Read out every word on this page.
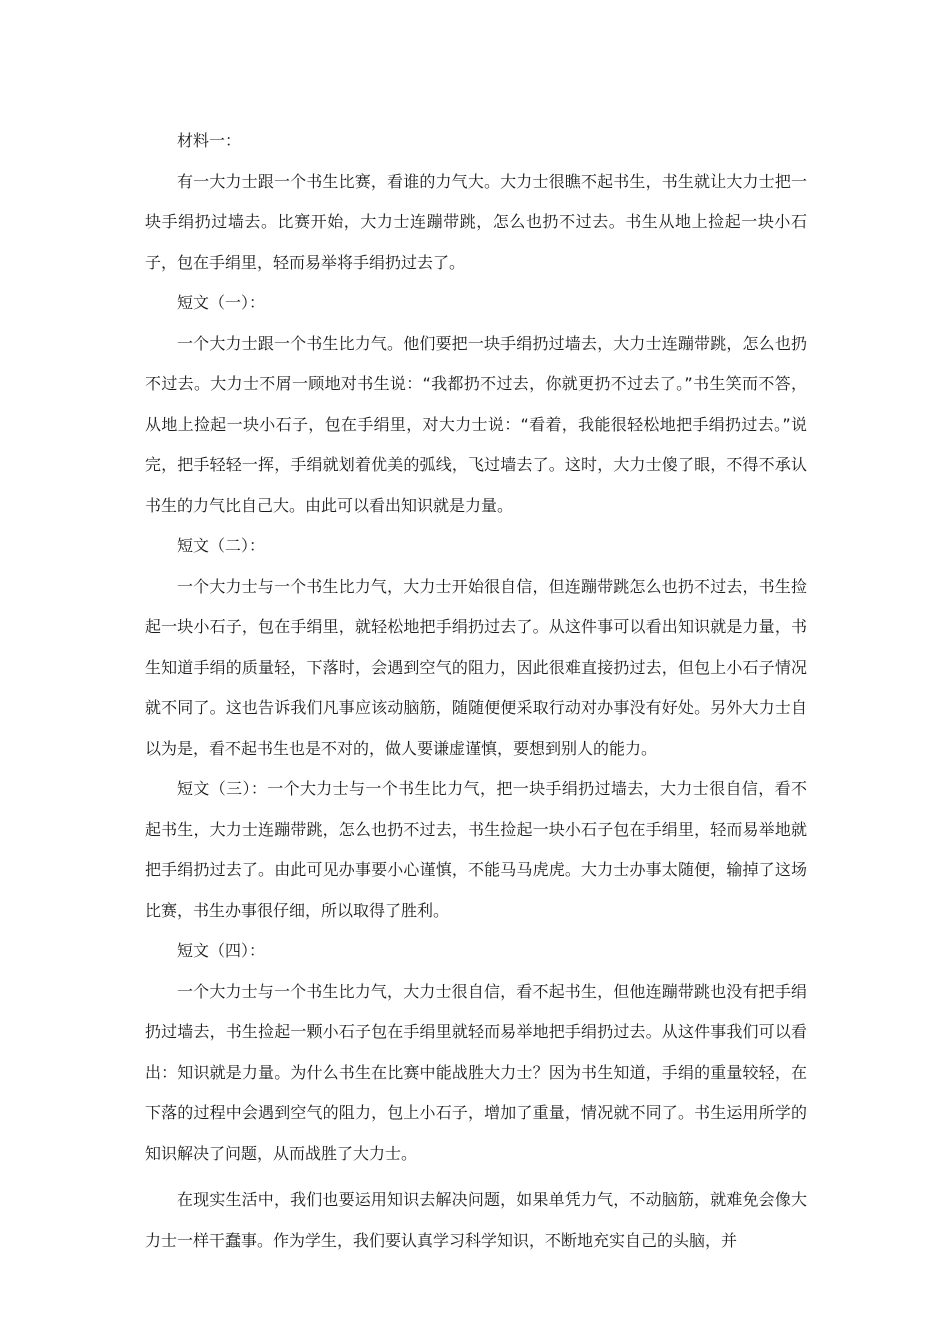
材料一：

有一大力士跟一个书生比赛，看谁的力气大。大力士很瞧不起书生，书生就让大力士把一块手绢扔过墙去。比赛开始，大力士连蹦带跳，怎么也扔不过去。书生从地上捡起一块小石子，包在手绢里，轻而易举将手绢扔过去了。

短文（一）：

一个大力士跟一个书生比力气。他们要把一块手绢扔过墙去，大力士连蹦带跳，怎么也扔不过去。大力士不屑一顾地对书生说：“我都扔不过去，你就更扔不过去了。”书生笑而不答，从地上捡起一块小石子，包在手绢里，对大力士说：“看着，我能很轻松地把手绢扔过去。”说完，把手轻轻一挥，手绢就划着优美的弧线，飞过墙去了。这时，大力士傻了眼，不得不承认书生的力气比自己大。由此可以看出知识就是力量。

短文（二）：

一个大力士与一个书生比力气，大力士开始很自信，但连蹦带跳怎么也扔不过去，书生捡起一块小石子，包在手绢里，就轻松地把手绢扔过去了。从这件事可以看出知识就是力量，书生知道手绢的质量轻，下落时，会遇到空气的阻力，因此很难直接扔过去，但包上小石子情况就不同了。这也告诉我们凡事应该动脑筋，随随便便采取行动对办事没有好处。另外大力士自以为是，看不起书生也是不对的，做人要谦虚谨慎，要想到别人的能力。

短文（三）：一个大力士与一个书生比力气，把一块手绢扔过墙去，大力士很自信，看不起书生，大力士连蹦带跳，怎么也扔不过去，书生捡起一块小石子包在手绢里，轻而易举地就把手绢扔过去了。由此可见办事要小心谨慎，不能马马虎虎。大力士办事太随便，输掉了这场比赛，书生办事很仔细，所以取得了胜利。

短文（四）：

一个大力士与一个书生比力气，大力士很自信，看不起书生，但他连蹦带跳也没有把手绢扔过墙去，书生捡起一颗小石子包在手绢里就轻而易举地把手绢扔过去。从这件事我们可以看出：知识就是力量。为什么书生在比赛中能战胜大力士？因为书生知道，手绢的重量较轻，在下落的过程中会遇到空气的阻力，包上小石子，增加了重量，情况就不同了。书生运用所学的知识解决了问题，从而战胜了大力士。

在现实生活中，我们也要运用知识去解决问题，如果单凭力气，不动脑筋，就难免会像大力士一样干蠢事。作为学生，我们要认真学习科学知识，不断地充实自己的头脑，并
